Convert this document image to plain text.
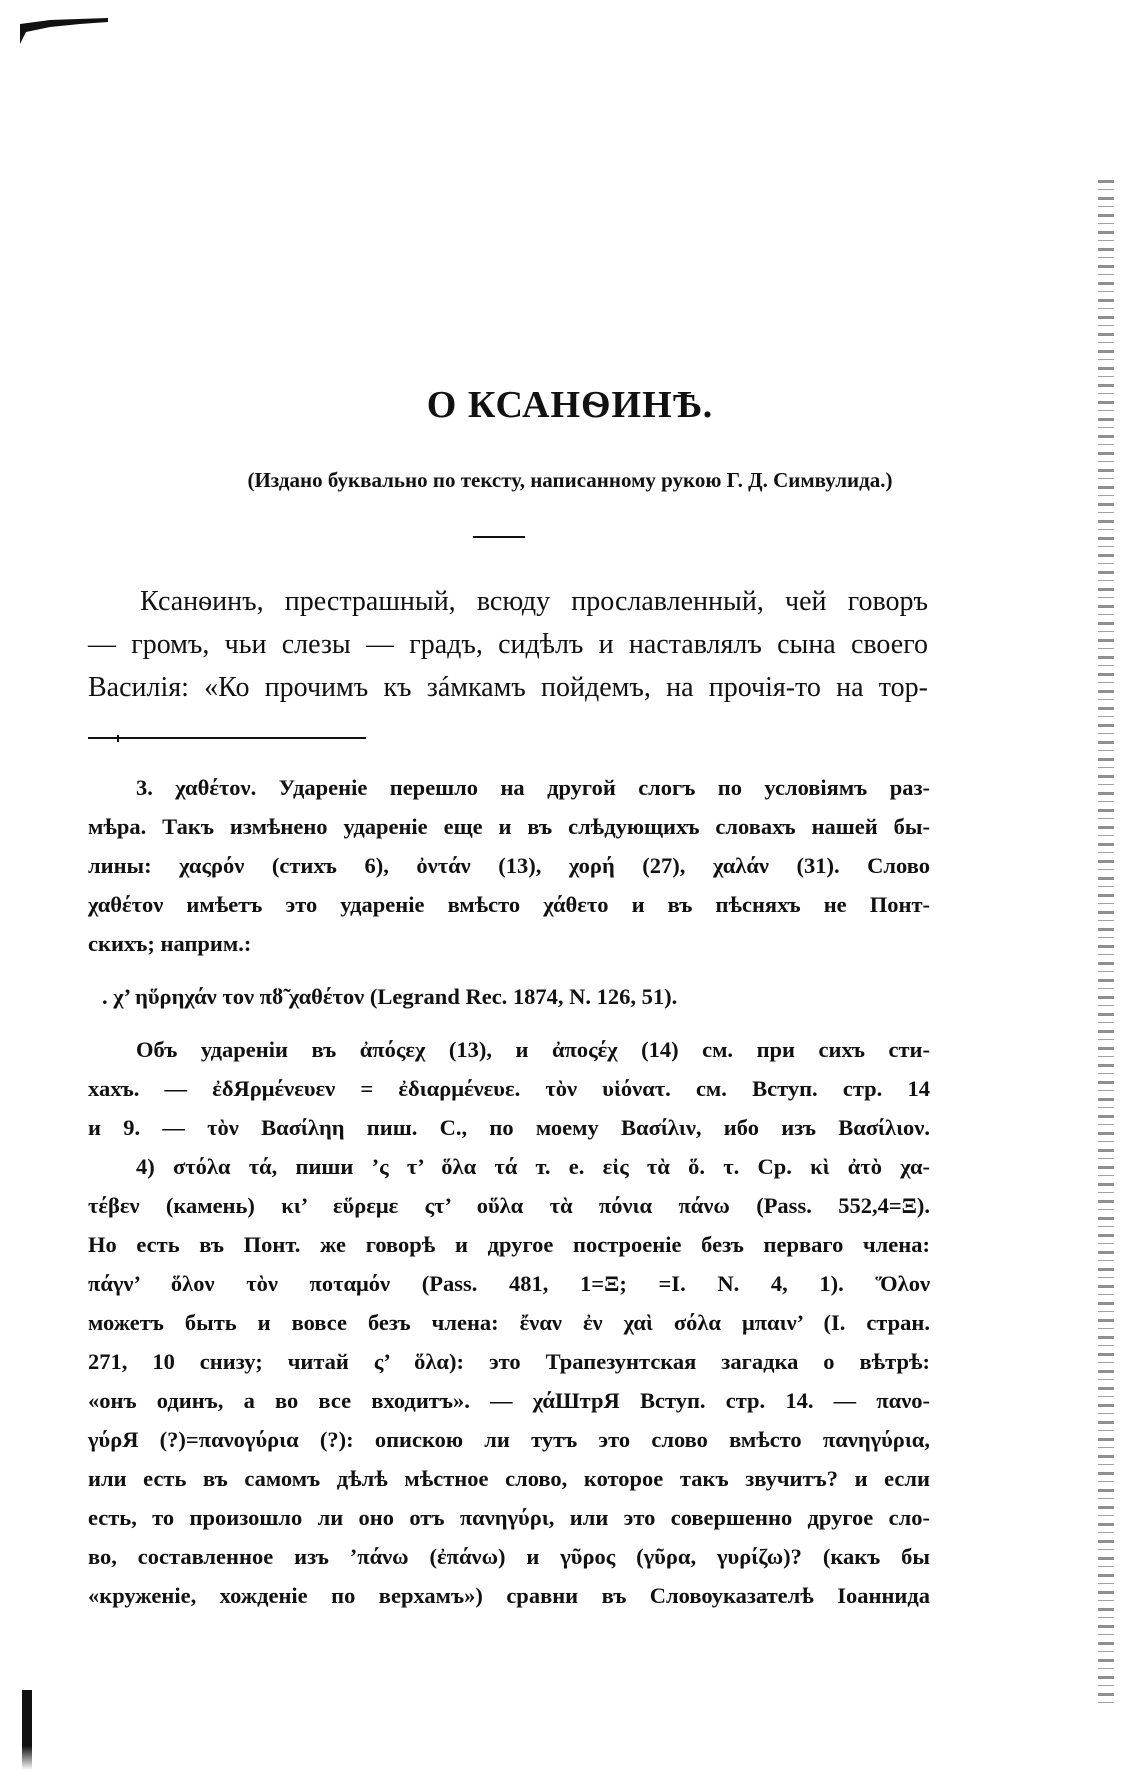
О КСАНѲИНѢ.
(Издано буквально по тексту, написанному рукою Г. Д. Симвулида.)
Ксанѳинъ, престрашный, всюду прославленный, чей говоръ
— громъ, чьи слезы — градъ, сидѣлъ и наставлялъ сына своего
Василія: «Ко прочимъ къ зáмкамъ пойдемъ, на прочія-то на тор-
3. χαθέτον. Удареніе перешло на другой слогъ по условіямъ раз-
мѣра. Такъ измѣнено удареніе еще и въ слѣдующихъ словахъ нашей бы-
лины: χαςρόν (стихъ 6), ὀντάν (13), χορή (27), χαλάν (31). Слово
χαθέτον имѣетъ это удареніе вмѣсто χάθετο и въ пѣсняхъ не Понт-
скихъ; наприм.:
. χ’ ηὕρηχάν τον πȣ̃ χαθέτον (Legrand Rec. 1874, N. 126, 51).
Объ удареніи въ ἀπόςεχ (13), и ἀποςέχ (14) см. при сихъ сти-
хахъ. — ἐδЯρμένευεν = ἐδιαρμένευε. τὸν υἱόνατ. см. Вступ. стр. 14
и 9. — τὸν Βασίληη пиш. С., по моему Βασίλιν, ибо изъ Βασίλιον.
4) στόλα τά, пиши ’ς τ’ ὅλα τά т. е. εἰς τὰ ὅ. τ. Ср. κὶ ἀτὸ χα-
τέβεν (камень) κι’ εὕρεμε ςτ’ οὕλα τὰ πόνια πάνω (Pass. 552,4=Ξ).
Но есть въ Понт. же говорѣ и другое построеніе безъ перваго члена:
πάγν’ ὅλον τὸν ποταμόν (Pass. 481, 1=Ξ; =I. N. 4, 1). Ὅλον
можетъ быть и вовсе безъ члена: ἔναν ἐν χαὶ σόλα μπαιν’ (I. стран.
271, 10 снизу; читай ς’ ὅλα): это Трапезунтская загадка о вѣтрѣ:
«онъ одинъ, а во все входитъ». — χάШтрЯ Вступ. стр. 14. — πανο-
γύρЯ (?)=πανογύρια (?): опискою ли тутъ это слово вмѣсто πανηγύρια,
или есть въ самомъ дѣлѣ мѣстное слово, которое такъ звучитъ? и если
есть, то произошло ли оно отъ πανηγύρι, или это совершенно другое сло-
во, составленное изъ ’πάνω (ἐπάνω) и γῦρος (γῦρα, γυρίζω)? (какъ бы
«круженіе, хожденіе по верхамъ») сравни въ Словоуказателѣ Іоаннида
